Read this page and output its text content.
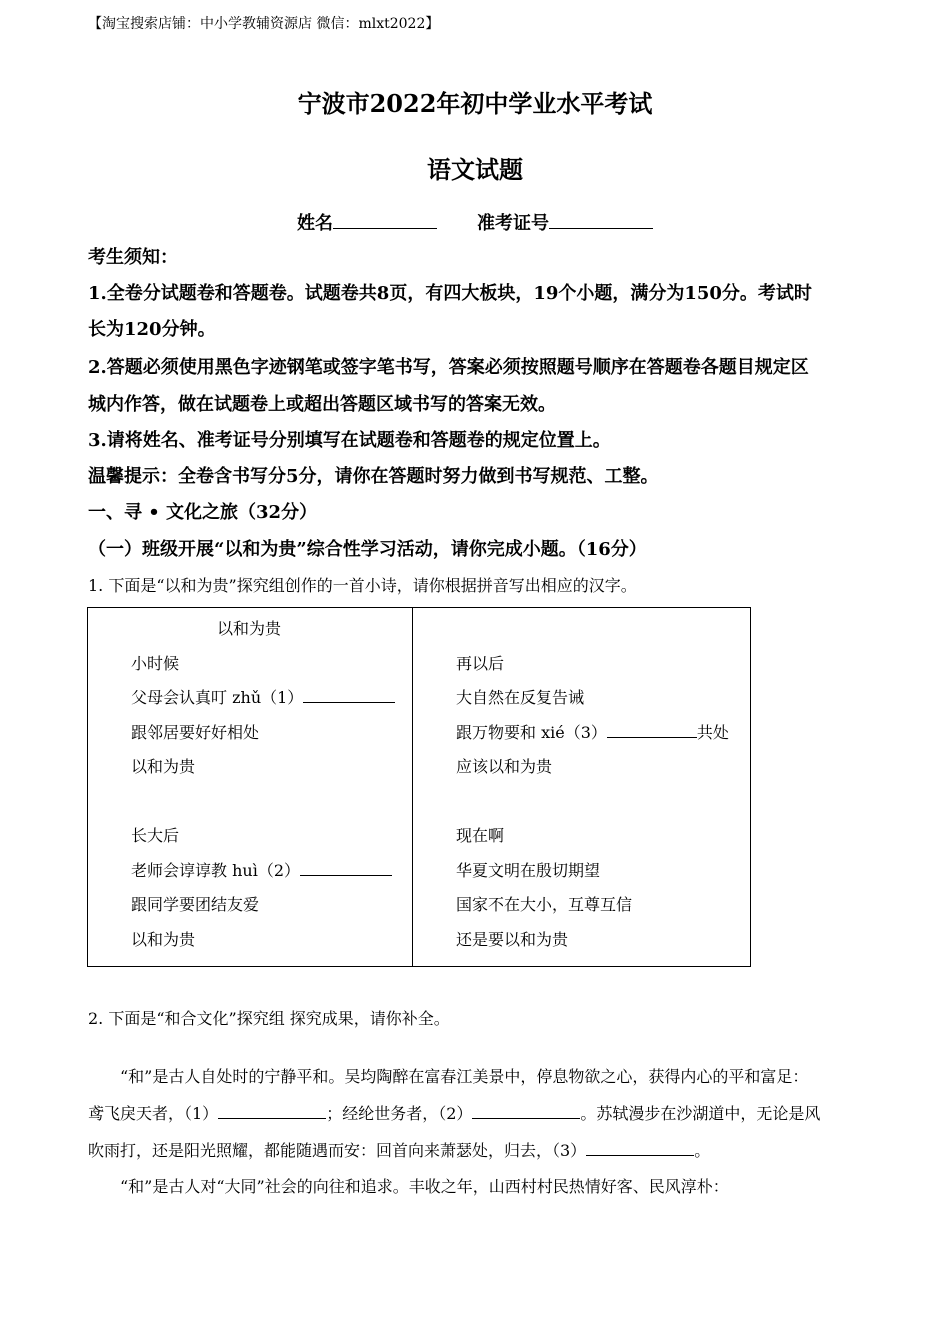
【淘宝搜索店铺：中小学教辅资源店 微信：mlxt2022】
宁波市2022年初中学业水平考试
语文试题
姓名	准考证号
考生须知：
1.全卷分试题卷和答题卷。试题卷共8页，有四大板块，19个小题，满分为150分。考试时
长为120分钟。
2.答题必须使用黑色字迹钢笔或签字笔书写，答案必须按照题号顺序在答题卷各题目规定区
城内作答，做在试题卷上或超出答题区域书写的答案无效。
3.请将姓名、准考证号分别填写在试题卷和答题卷的规定位置上。
温馨提示：全卷含书写分5分，请你在答题时努力做到书写规范、工整。
一、寻 • 文化之旅（32分）
（一）班级开展“以和为贵”综合性学习活动，请你完成小题。（16分）
1. 下面是“以和为贵”探究组创作的一首小诗，请你根据拼音写出相应的汉字。
以和为贵
小时候
父母会认真叮 zhǔ（1）
跟邻居要好好相处
以和为贵
长大后
老师会谆谆教 huì（2）
跟同学要团结友爱
以和为贵
再以后
大自然在反复告诫
跟万物要和 xié（3）	共处
应该以和为贵
现在啊
华夏文明在殷切期望
国家不在大小，互尊互信
还是要以和为贵
2. 下面是“和合文化”探究组 探究成果，请你补全。
“和”是古人自处时的宁静平和。吴均陶醉在富春江美景中，停息物欲之心，获得内心的平和富足：
鸢飞戾天者，（1）	；经纶世务者，（2）	。苏轼漫步在沙湖道中，无论是风
吹雨打，还是阳光照耀，都能随遇而安：回首向来萧瑟处，归去，（3）	。
“和”是古人对“大同”社会的向往和追求。丰收之年，山西村村民热情好客、民风淳朴：
